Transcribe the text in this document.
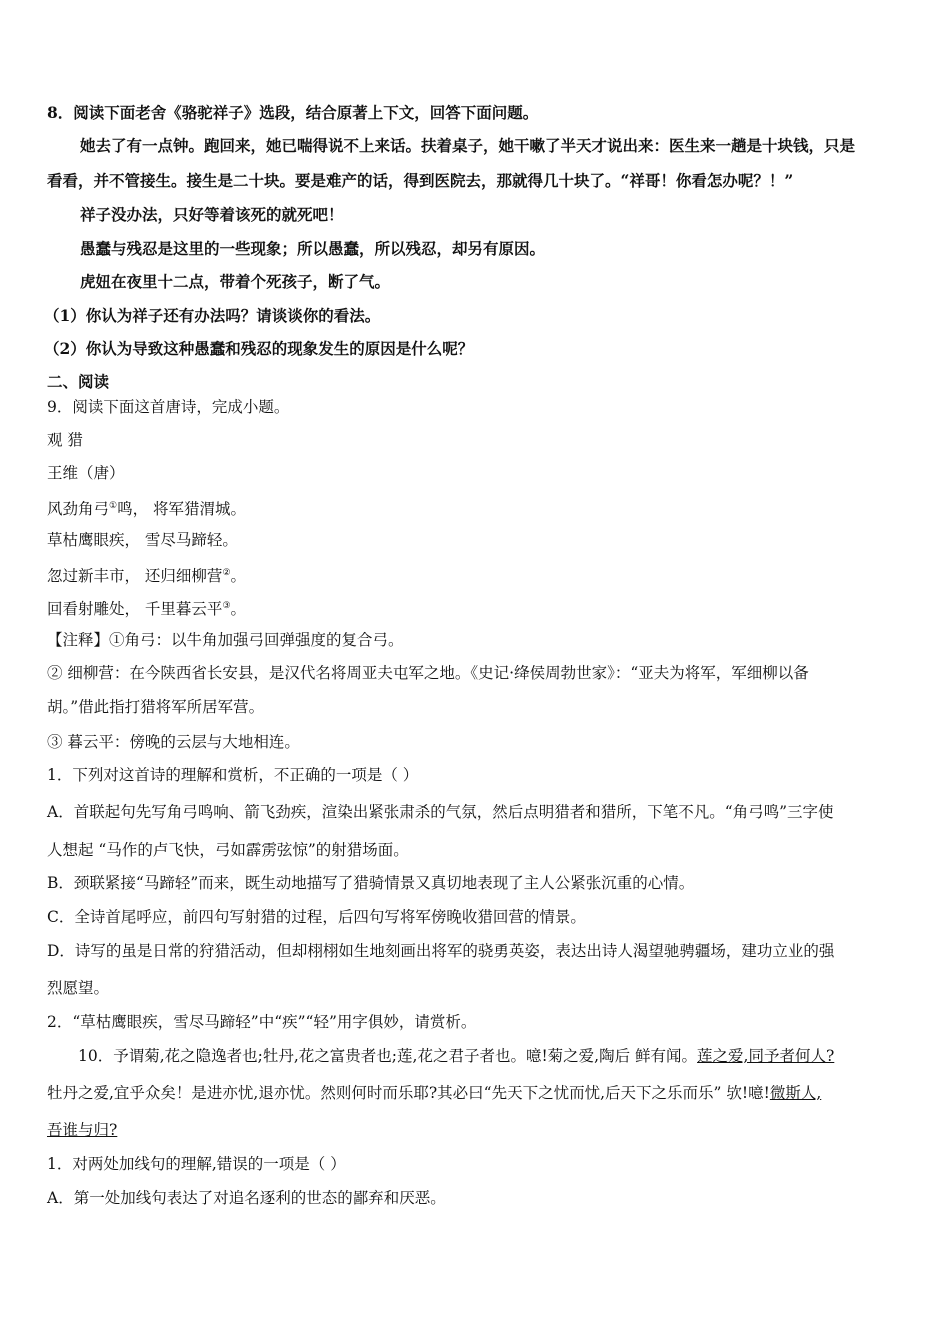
8．阅读下面老舍《骆驼祥子》选段，结合原著上下文，回答下面问题。
她去了有一点钟。跑回来，她已喘得说不上来话。扶着桌子，她干嗽了半天才说出来：医生来一趟是十块钱，只是
看看，并不管接生。接生是二十块。要是难产的话，得到医院去，那就得几十块了。“祥哥！你看怎办呢？！”
祥子没办法，只好等着该死的就死吧！
愚蠢与残忍是这里的一些现象；所以愚蠢，所以残忍，却另有原因。
虎妞在夜里十二点，带着个死孩子，断了气。
（1）你认为祥子还有办法吗？请谈谈你的看法。
（2）你认为导致这种愚蠢和残忍的现象发生的原因是什么呢？
二、阅读
9．阅读下面这首唐诗，完成小题。
观 猎
王维（唐）
风劲角弓①鸣， 将军猎渭城。
草枯鹰眼疾， 雪尽马蹄轻。
忽过新丰市， 还归细柳营②。
回看射雕处， 千里暮云平③。
【注释】①角弓：以牛角加强弓回弹强度的复合弓。
② 细柳营：在今陕西省长安县，是汉代名将周亚夫屯军之地。《史记·绛侯周勃世家》：“亚夫为将军，军细柳以备
胡。”借此指打猎将军所居军营。
③ 暮云平：傍晚的云层与大地相连。
1．下列对这首诗的理解和赏析，不正确的一项是（ ）
A．首联起句先写角弓鸣响、箭飞劲疾，渲染出紧张肃杀的气氛，然后点明猎者和猎所，下笔不凡。“角弓鸣”三字使
人想起 “马作的卢飞快，弓如霹雳弦惊”的射猎场面。
B．颈联紧接“马蹄轻”而来，既生动地描写了猎骑情景又真切地表现了主人公紧张沉重的心情。
C．全诗首尾呼应，前四句写射猎的过程，后四句写将军傍晚收猎回营的情景。
D．诗写的虽是日常的狩猎活动，但却栩栩如生地刻画出将军的骁勇英姿，表达出诗人渴望驰骋疆场，建功立业的强
烈愿望。
2．“草枯鹰眼疾，雪尽马蹄轻”中“疾”“轻”用字俱妙，请赏析。
10．予谓菊,花之隐逸者也;牡丹,花之富贵者也;莲,花之君子者也。噫!菊之爱,陶后 鲜有闻。莲之爱,同予者何人?
牡丹之爱,宜乎众矣！是进亦忧,退亦忧。然则何时而乐耶?其必曰“先天下之忧而忧,后天下之乐而乐” 欤!噫!微斯人,
吾谁与归?
1．对两处加线句的理解,错误的一项是（ ）
A．第一处加线句表达了对追名逐利的世态的鄙弃和厌恶。
